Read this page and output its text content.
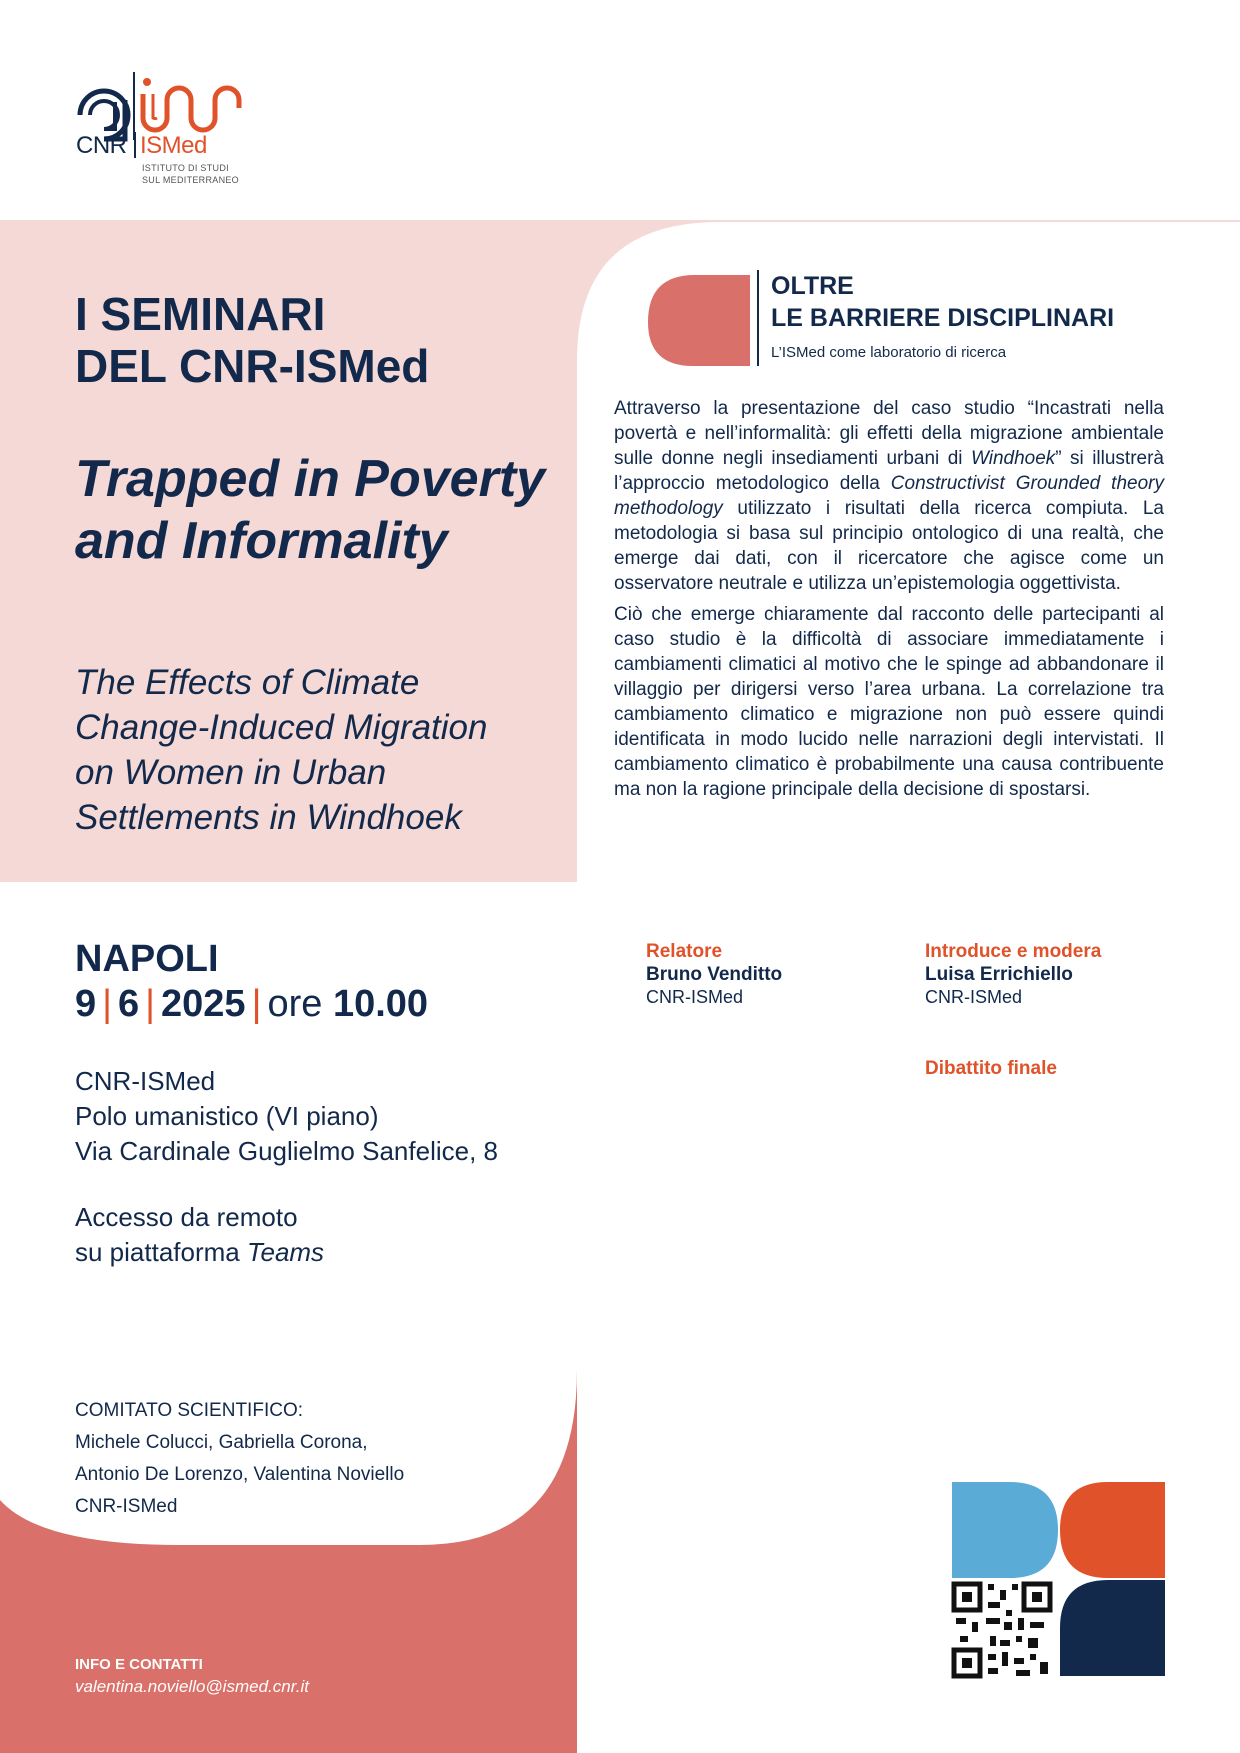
CNR ISMed
ISTITUTO DI STUDI
SUL MEDITERRANEO
I SEMINARI
DEL CNR-ISMed
Trapped in Poverty
and Informality
The Effects of Climate
Change-Induced Migration
on Women in Urban
Settlements in Windhoek
OLTRE
LE BARRIERE DISCIPLINARI
L’ISMed come laboratorio di ricerca

Attraverso la presentazione del caso studio “Incastrati nella povertà e nell’informalità: gli effetti della migrazione ambientale sulle donne negli insediamenti urbani di Windhoek” si illustrerà l’approccio metodologico della Constructivist Grounded theory methodology utilizzato i risultati della ricerca compiuta. La metodologia si basa sul principio ontologico di una realtà, che emerge dai dati, con il ricercatore che agisce come un osservatore neutrale e utilizza un’epistemologia oggettivista.

Ciò che emerge chiaramente dal racconto delle partecipanti al caso studio è la difficoltà di associare immediatamente i cambiamenti climatici al motivo che le spinge ad abbandonare il villaggio per dirigersi verso l’area urbana. La correlazione tra cambiamento climatico e migrazione non può essere quindi identificata in modo lucido nelle narrazioni degli intervistati. Il cambiamento climatico è probabilmente una causa contribuente ma non la ragione principale della decisione di spostarsi.

NAPOLI
9 | 6 | 2025 | ore 10.00
CNR-ISMed
Polo umanistico (VI piano)
Via Cardinale Guglielmo Sanfelice, 8
Accesso da remoto
su piattaforma Teams
Relatore
Bruno Venditto
CNR-ISMed
Introduce e modera
Luisa Errichiello
CNR-ISMed
Dibattito finale
COMITATO SCIENTIFICO:
Michele Colucci, Gabriella Corona,
Antonio De Lorenzo, Valentina Noviello
CNR-ISMed
INFO E CONTATTI
valentina.noviello@ismed.cnr.it
